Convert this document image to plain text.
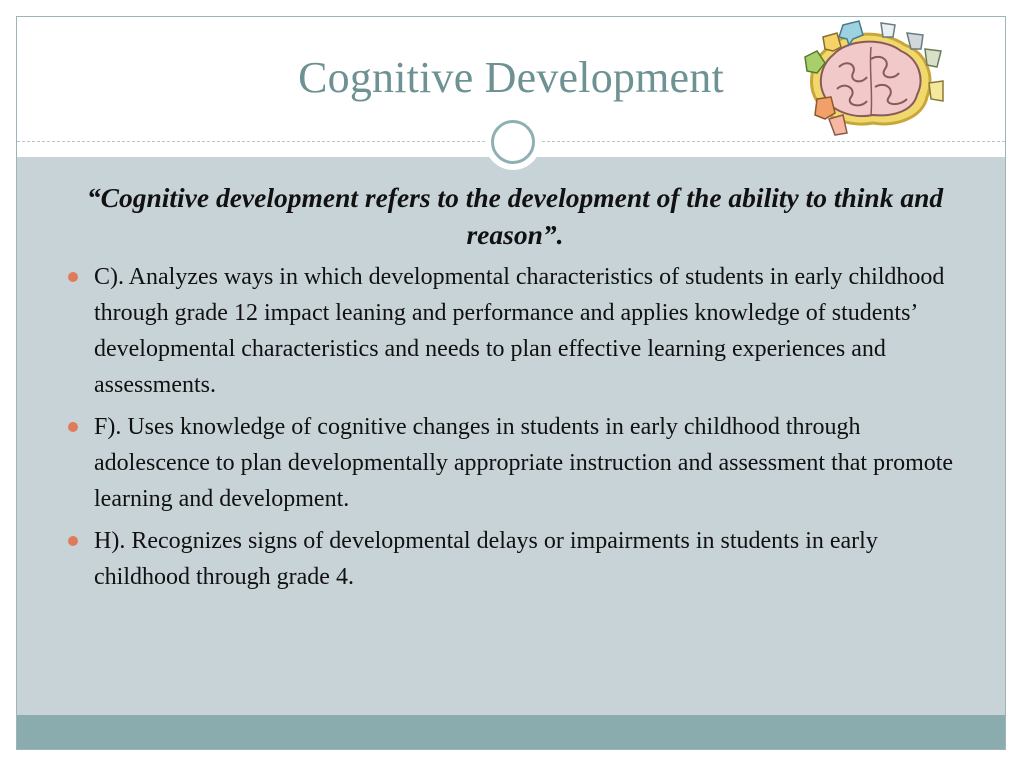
Cognitive Development

“Cognitive development refers to the development of the ability to think and reason”.

C). Analyzes ways in which developmental characteristics of students in early childhood through grade 12 impact leaning and performance and applies knowledge of students’ developmental characteristics and needs to plan effective learning experiences and assessments.
F). Uses knowledge of cognitive changes in students in early childhood through adolescence to plan developmentally appropriate instruction and assessment that promote learning and development.
H). Recognizes signs of developmental delays or impairments in students in early childhood through grade 4.
